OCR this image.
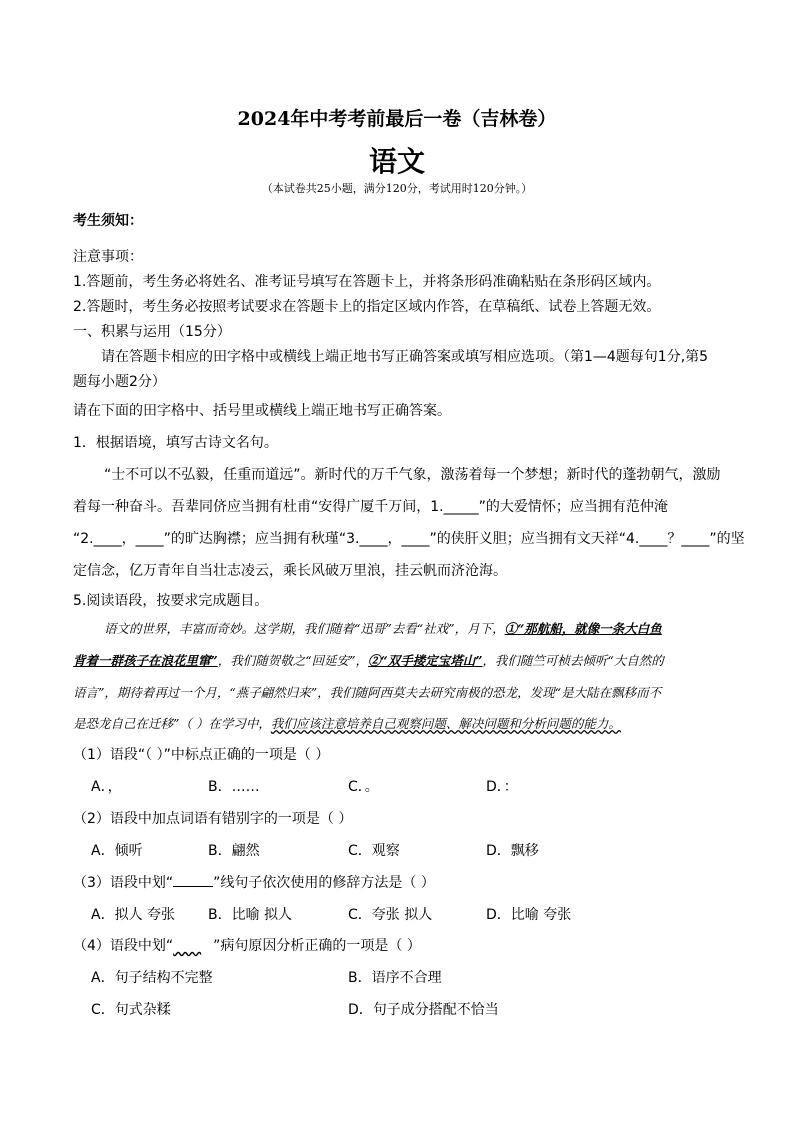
2024年中考考前最后一卷（吉林卷）
语文
（本试卷共25小题，满分120分，考试用时120分钟。）
考生须知：
注意事项：
1.答题前，考生务必将姓名、准考证号填写在答题卡上，并将条形码准确粘贴在条形码区域内。
2.答题时，考生务必按照考试要求在答题卡上的指定区域内作答，在草稿纸、试卷上答题无效。
一、积累与运用（15分）
请在答题卡相应的田字格中或横线上端正地书写正确答案或填写相应选项。（第1—4题每句1分,第5
题每小题2分）
请在下面的田字格中、括号里或横线上端正地书写正确答案。
1．根据语境，填写古诗文名句。
“士不可以不弘毅，任重而道远”。新时代的万千气象，激荡着每一个梦想；新时代的蓬勃朝气，激励
着每一种奋斗。吾辈同侪应当拥有杜甫“安得广厦千万间，1._____”的大爱情怀；应当拥有范仲淹
“2.____，____”的旷达胸襟；应当拥有秋瑾“3.____，____”的侠肝义胆；应当拥有文天祥“4.____？____”的坚
定信念，亿万青年自当壮志凌云，乘长风破万里浪，挂云帆而济沧海。
5.阅读语段，按要求完成题目。
语文的世界，丰富而奇妙。这学期，我们随着“迅哥”去看“社戏”，月下，①“那航船，就像一条大白鱼
背着一群孩子在浪花里窜”，我们随贺敬之“回延安”，②“双手搂定宝塔山”，我们随竺可桢去倾听“大自然的
语言”，期待着再过一个月，“燕子翩然归来”，我们随阿西莫夫去研究南极的恐龙，发现“是大陆在飘移而不
是恐龙自己在迁移”（ ）在学习中，我们应该注意培养自己观察问题、解决问题和分析问题的能力。
（1）语段“（ ）”中标点正确的一项是（ ）
A．，	B．……	C．。	D．：
（2）语段中加点词语有错别字的一项是（ ）
A．倾听	B．翩然	C．观察	D．飘移
（3）语段中划“	”线句子依次使用的修辞方法是（ ）
A．拟人 夸张 B．比喻 拟人	C．夸张 拟人	D．比喻 夸张
（4）语段中划“  	”病句原因分析正确的一项是（ ）
A．句子结构不完整	B．语序不合理
C．句式杂糅	D．句子成分搭配不恰当
